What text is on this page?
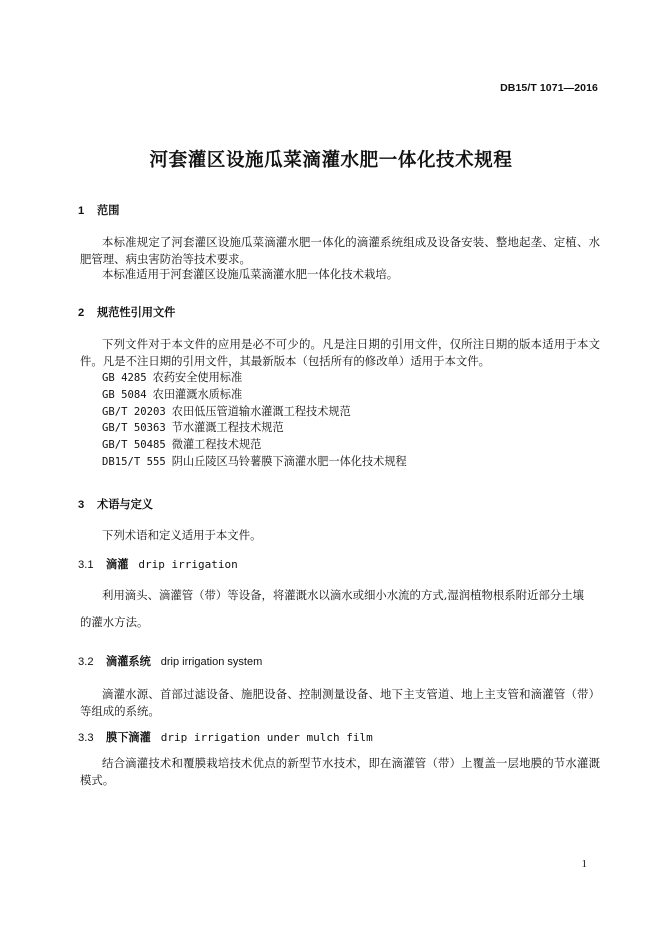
DB15/T 1071—2016
河套灌区设施瓜菜滴灌水肥一体化技术规程
1 范围

本标准规定了河套灌区设施瓜菜滴灌水肥一体化的滴灌系统组成及设备安装、整地起垄、定植、水肥管理、病虫害防治等技术要求。

本标准适用于河套灌区设施瓜菜滴灌水肥一体化技术栽培。

2 规范性引用文件

下列文件对于本文件的应用是必不可少的。凡是注日期的引用文件，仅所注日期的版本适用于本文件。凡是不注日期的引用文件，其最新版本（包括所有的修改单）适用于本文件。

GB 4285 农药安全使用标准
GB 5084 农田灌溉水质标准
GB/T 20203 农田低压管道输水灌溉工程技术规范
GB/T 50363 节水灌溉工程技术规范
GB/T 50485 微灌工程技术规范
DB15/T 555 阴山丘陵区马铃薯膜下滴灌水肥一体化技术规程
3 术语与定义

下列术语和定义适用于本文件。

3.1 滴灌 drip irrigation

利用滴头、滴灌管（带）等设备，将灌溉水以滴水或细小水流的方式,湿润植物根系附近部分土壤

的灌水方法。

3.2 滴灌系统 drip irrigation system

滴灌水源、首部过滤设备、施肥设备、控制测量设备、地下主支管道、地上主支管和滴灌管（带）等组成的系统。

3.3 膜下滴灌 drip irrigation under mulch film

结合滴灌技术和覆膜栽培技术优点的新型节水技术，即在滴灌管（带）上覆盖一层地膜的节水灌溉模式。

1
